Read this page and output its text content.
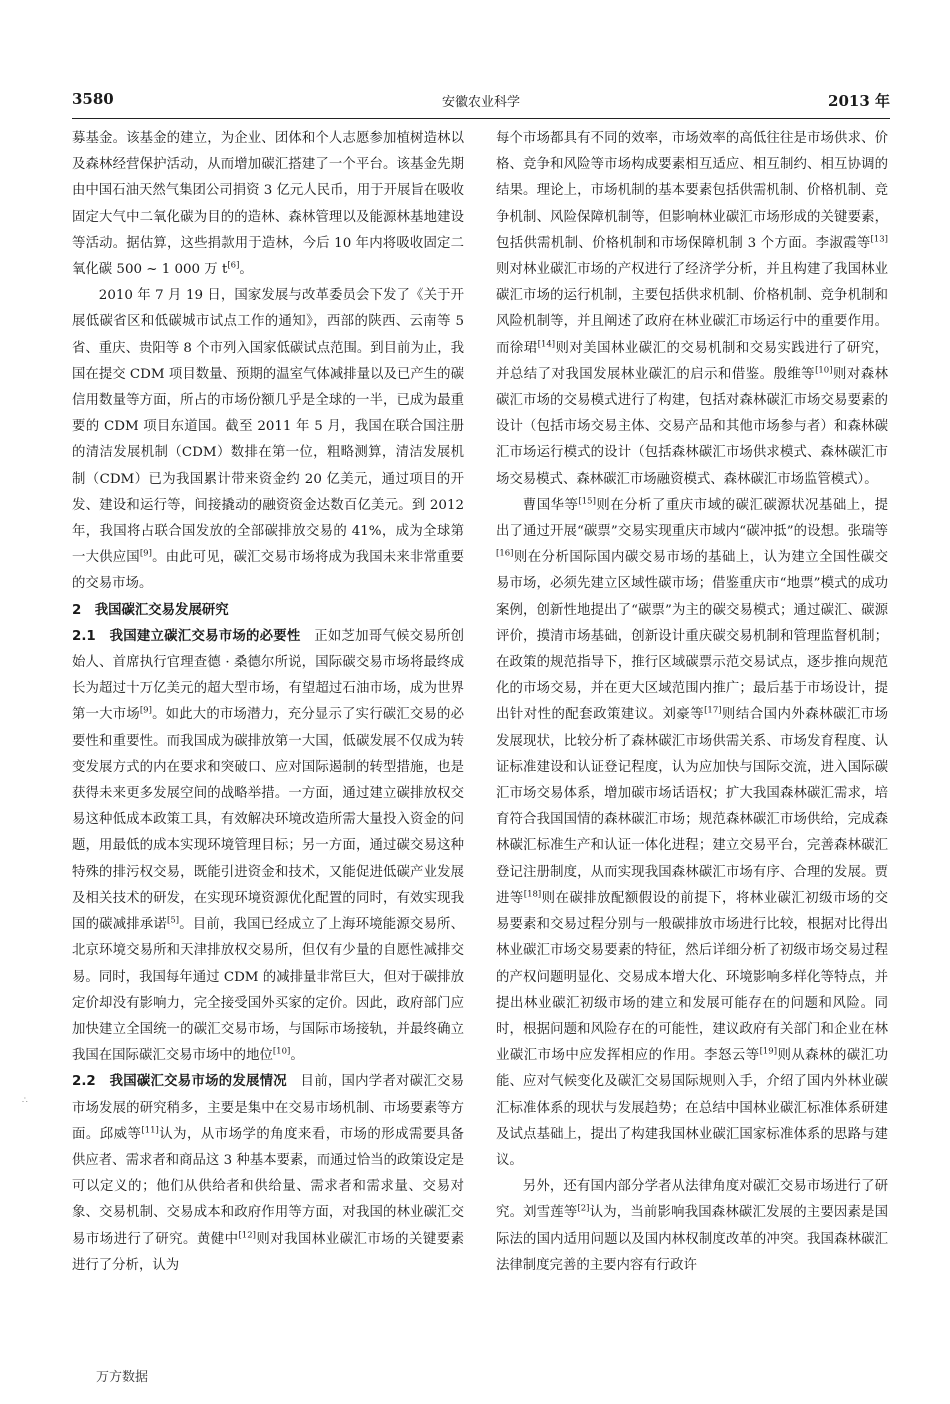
3580	安徽农业科学	2013 年

募基金。该基金的建立，为企业、团体和个人志愿参加植树造林以及森林经营保护活动，从而增加碳汇搭建了一个平台。该基金先期由中国石油天然气集团公司捐资 3 亿元人民币，用于开展旨在吸收固定大气中二氧化碳为目的的造林、森林管理以及能源林基地建设等活动。据估算，这些捐款用于造林，今后 10 年内将吸收固定二氧化碳 500 ~ 1 000 万 t[6]。

2010 年 7 月 19 日，国家发展与改革委员会下发了《关于开展低碳省区和低碳城市试点工作的通知》，西部的陕西、云南等 5 省、重庆、贵阳等 8 个市列入国家低碳试点范围。到目前为止，我国在提交 CDM 项目数量、预期的温室气体减排量以及已产生的碳信用数量等方面，所占的市场份额几乎是全球的一半，已成为最重要的 CDM 项目东道国。截至 2011 年 5 月，我国在联合国注册的清洁发展机制（CDM）数排在第一位，粗略测算，清洁发展机制（CDM）已为我国累计带来资金约 20 亿美元，通过项目的开发、建设和运行等，间接撬动的融资资金达数百亿美元。到 2012 年，我国将占联合国发放的全部碳排放交易的 41%，成为全球第一大供应国[9]。由此可见，碳汇交易市场将成为我国未来非常重要的交易市场。

2　我国碳汇交易发展研究

2.1　我国建立碳汇交易市场的必要性　正如芝加哥气候交易所创始人、首席执行官理查德 · 桑德尔所说，国际碳交易市场将最终成长为超过十万亿美元的超大型市场，有望超过石油市场，成为世界第一大市场[9]。如此大的市场潜力，充分显示了实行碳汇交易的必要性和重要性。而我国成为碳排放第一大国，低碳发展不仅成为转变发展方式的内在要求和突破口、应对国际遏制的转型措施，也是获得未来更多发展空间的战略举措。一方面，通过建立碳排放权交易这种低成本政策工具，有效解决环境改造所需大量投入资金的问题，用最低的成本实现环境管理目标；另一方面，通过碳交易这种特殊的排污权交易，既能引进资金和技术，又能促进低碳产业发展及相关技术的研发，在实现环境资源优化配置的同时，有效实现我国的碳减排承诺[5]。目前，我国已经成立了上海环境能源交易所、北京环境交易所和天津排放权交易所，但仅有少量的自愿性减排交易。同时，我国每年通过 CDM 的减排量非常巨大，但对于碳排放定价却没有影响力，完全接受国外买家的定价。因此，政府部门应加快建立全国统一的碳汇交易市场，与国际市场接轨，并最终确立我国在国际碳汇交易市场中的地位[10]。

2.2　我国碳汇交易市场的发展情况　目前，国内学者对碳汇交易市场发展的研究稍多，主要是集中在交易市场机制、市场要素等方面。邱威等[11]认为，从市场学的角度来看，市场的形成需要具备供应者、需求者和商品这 3 种基本要素，而通过恰当的政策设定是可以定义的；他们从供给者和供给量、需求者和需求量、交易对象、交易机制、交易成本和政府作用等方面，对我国的林业碳汇交易市场进行了研究。黄健中[12]则对我国林业碳汇市场的关键要素进行了分析，认为

每个市场都具有不同的效率，市场效率的高低往往是市场供求、价格、竞争和风险等市场构成要素相互适应、相互制约、相互协调的结果。理论上，市场机制的基本要素包括供需机制、价格机制、竞争机制、风险保障机制等，但影响林业碳汇市场形成的关键要素，包括供需机制、价格机制和市场保障机制 3 个方面。李淑霞等[13]则对林业碳汇市场的产权进行了经济学分析，并且构建了我国林业碳汇市场的运行机制，主要包括供求机制、价格机制、竞争机制和风险机制等，并且阐述了政府在林业碳汇市场运行中的重要作用。而徐珺[14]则对美国林业碳汇的交易机制和交易实践进行了研究，并总结了对我国发展林业碳汇的启示和借鉴。殷维等[10]则对森林碳汇市场的交易模式进行了构建，包括对森林碳汇市场交易要素的设计（包括市场交易主体、交易产品和其他市场参与者）和森林碳汇市场运行模式的设计（包括森林碳汇市场供求模式、森林碳汇市场交易模式、森林碳汇市场融资模式、森林碳汇市场监管模式）。

曹国华等[15]则在分析了重庆市域的碳汇碳源状况基础上，提出了通过开展“碳票”交易实现重庆市域内“碳冲抵”的设想。张瑞等[16]则在分析国际国内碳交易市场的基础上，认为建立全国性碳交易市场，必须先建立区域性碳市场；借鉴重庆市“地票”模式的成功案例，创新性地提出了“碳票”为主的碳交易模式；通过碳汇、碳源评价，摸清市场基础，创新设计重庆碳交易机制和管理监督机制；在政策的规范指导下，推行区域碳票示范交易试点，逐步推向规范化的市场交易，并在更大区域范围内推广；最后基于市场设计，提出针对性的配套政策建议。刘豪等[17]则结合国内外森林碳汇市场发展现状，比较分析了森林碳汇市场供需关系、市场发育程度、认证标准建设和认证登记程度，认为应加快与国际交流，进入国际碳汇市场交易体系，增加碳市场话语权；扩大我国森林碳汇需求，培育符合我国国情的森林碳汇市场；规范森林碳汇市场供给，完成森林碳汇标准生产和认证一体化进程；建立交易平台，完善森林碳汇登记注册制度，从而实现我国森林碳汇市场有序、合理的发展。贾进等[18]则在碳排放配额假设的前提下，将林业碳汇初级市场的交易要素和交易过程分别与一般碳排放市场进行比较，根据对比得出林业碳汇市场交易要素的特征，然后详细分析了初级市场交易过程的产权问题明显化、交易成本增大化、环境影响多样化等特点，并提出林业碳汇初级市场的建立和发展可能存在的问题和风险。同时，根据问题和风险存在的可能性，建议政府有关部门和企业在林业碳汇市场中应发挥相应的作用。李怒云等[19]则从森林的碳汇功能、应对气候变化及碳汇交易国际规则入手，介绍了国内外林业碳汇标准体系的现状与发展趋势；在总结中国林业碳汇标准体系研建及试点基础上，提出了构建我国林业碳汇国家标准体系的思路与建议。

另外，还有国内部分学者从法律角度对碳汇交易市场进行了研究。刘雪莲等[2]认为，当前影响我国森林碳汇发展的主要因素是国际法的国内适用问题以及国内林权制度改革的冲突。我国森林碳汇法律制度完善的主要内容有行政许

∴
万方数据
